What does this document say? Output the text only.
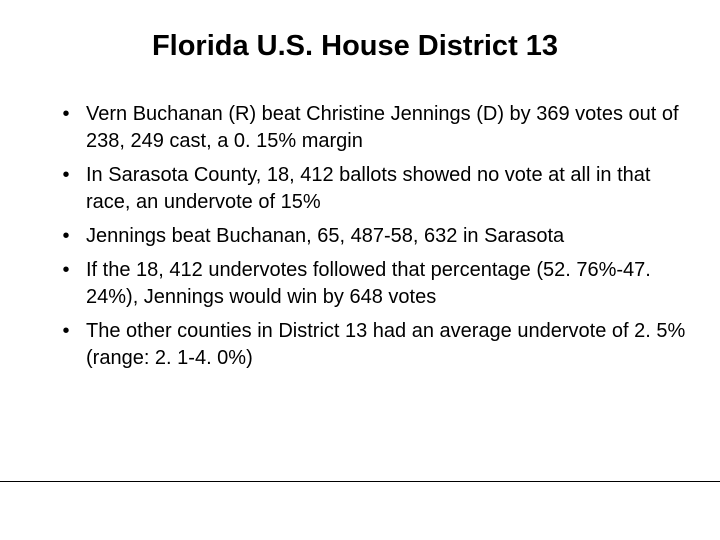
Florida U.S. House District 13
• Vern Buchanan (R) beat Christine Jennings (D) by 369 votes out of 238, 249 cast, a 0. 15% margin
• In Sarasota County, 18, 412 ballots showed no vote at all in that race, an undervote of 15%
• Jennings beat Buchanan, 65, 487-58, 632 in Sarasota
• If the 18, 412 undervotes followed that percentage (52. 76%-47. 24%), Jennings would win by 648 votes
• The other counties in District 13 had an average undervote of 2. 5% (range: 2. 1-4. 0%)
